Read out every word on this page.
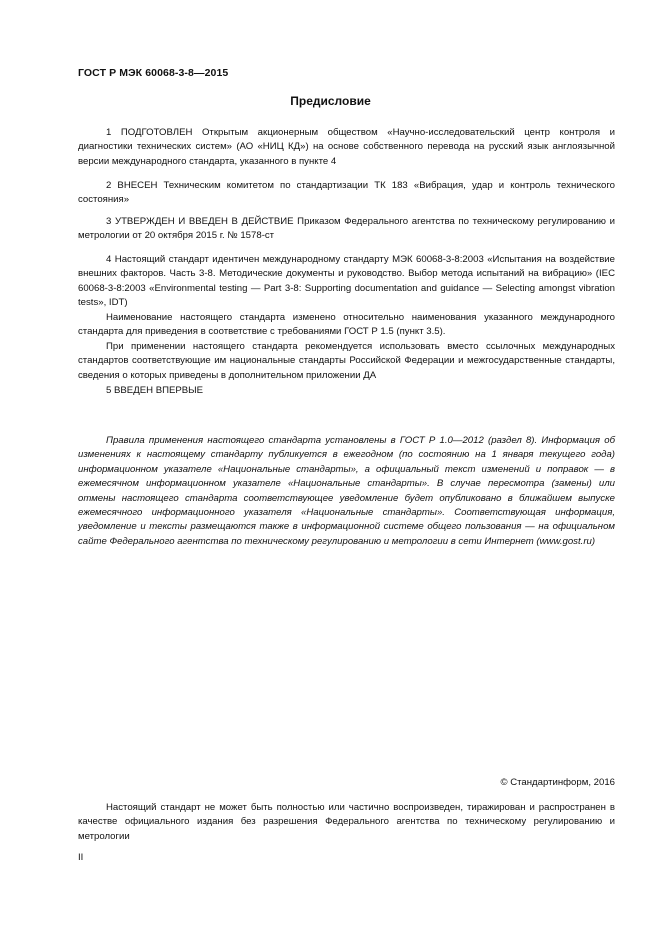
ГОСТ Р МЭК 60068-3-8—2015
Предисловие

1 ПОДГОТОВЛЕН Открытым акционерным обществом «Научно-исследовательский центр контроля и диагностики технических систем» (АО «НИЦ КД») на основе собственного перевода на русский язык англоязычной версии международного стандарта, указанного в пункте 4

2 ВНЕСЕН Техническим комитетом по стандартизации ТК 183 «Вибрация, удар и контроль технического состояния»

3 УТВЕРЖДЕН И ВВЕДЕН В ДЕЙСТВИЕ Приказом Федерального агентства по техническому регулированию и метрологии от 20 октября 2015 г. № 1578-ст

4 Настоящий стандарт идентичен международному стандарту МЭК 60068-3-8:2003 «Испытания на воздействие внешних факторов. Часть 3-8. Методические документы и руководство. Выбор метода испытаний на вибрацию» (IEC 60068-3-8:2003 «Environmental testing — Part 3-8: Supporting documentation and guidance — Selecting amongst vibration tests», IDT)

Наименование настоящего стандарта изменено относительно наименования указанного международного стандарта для приведения в соответствие с требованиями ГОСТ Р 1.5 (пункт 3.5).

При применении настоящего стандарта рекомендуется использовать вместо ссылочных международных стандартов соответствующие им национальные стандарты Российской Федерации и межгосударственные стандарты, сведения о которых приведены в дополнительном приложении ДА

5 ВВЕДЕН ВПЕРВЫЕ

Правила применения настоящего стандарта установлены в ГОСТ Р 1.0—2012 (раздел 8). Информация об изменениях к настоящему стандарту публикуется в ежегодном (по состоянию на 1 января текущего года) информационном указателе «Национальные стандарты», а официальный текст изменений и поправок — в ежемесячном информационном указателе «Национальные стандарты». В случае пересмотра (замены) или отмены настоящего стандарта соответствующее уведомление будет опубликовано в ближайшем выпуске ежемесячного информационного указателя «Национальные стандарты». Соответствующая информация, уведомление и тексты размещаются также в информационной системе общего пользования — на официальном сайте Федерального агентства по техническому регулированию и метрологии в сети Интернет (www.gost.ru)

© Стандартинформ, 2016

Настоящий стандарт не может быть полностью или частично воспроизведен, тиражирован и распространен в качестве официального издания без разрешения Федерального агентства по техническому регулированию и метрологии

II
